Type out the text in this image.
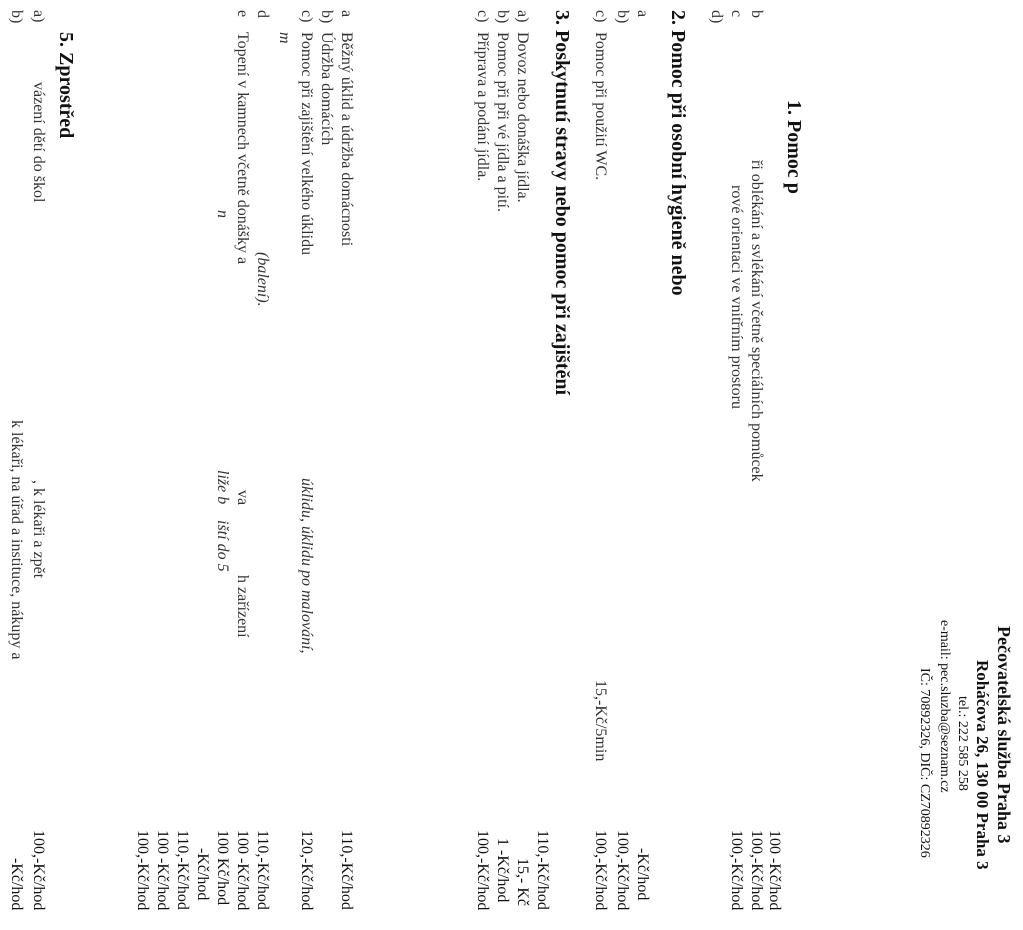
Pečovatelská služba Praha 3
Roháčova 26, 130 00 Praha 3
tel.: 222 585 258
e-mail: pec.sluzba@seznam.cz
IČ: 70892326, DIČ: CZ70892326
1. Pomoc p
b
ři oblékání a svlékání včetně speciálních pomůcek
c
rové orientaci ve vnitřním prostoru
d)
100 -Kč/hod
100,-Kč/hod
100,-Kč/hod
2. Pomoc při osobní hygieně nebo
a
b)
c)
Pomoc při použití WC.
15,-Kč/5min
-Kč/hod
100,-Kč/hod
100,-Kč/hod
3. Poskytnutí stravy nebo pomoc při zajištění
a)
Dovoz nebo donáška jídla.
b)
Pomoc při při vé jídla a pití.
c)
Příprava a podání jídla.
110,-Kč/hod
15,- Kč
1 -Kč/hod
100,-Kč/hod
a
Běžný úklid a údržba domácnosti
b)
Údržba domácích
c)
Pomoc při zajištění velkého úklidu
úklidu, úklidu po malování,
m
(balení).
d
va
h zařízení
e
Topení v kamnech včetně donášky a
n
liže b
iští do 5
110,-Kč/hod
120,-Kč/hod
110,-Kč/hod
100 -Kč/hod
100 Kč/hod
-Kč/hod
110,-Kč/hod
100 -Kč/hod
100,-Kč/hod
5. Zprostřed
a)
vázení dětí do škol
, k lékaři a zpět
b)
k lékaři, na úřad a instituce, nákupy a
100,-Kč/hod
-Kč/hod
